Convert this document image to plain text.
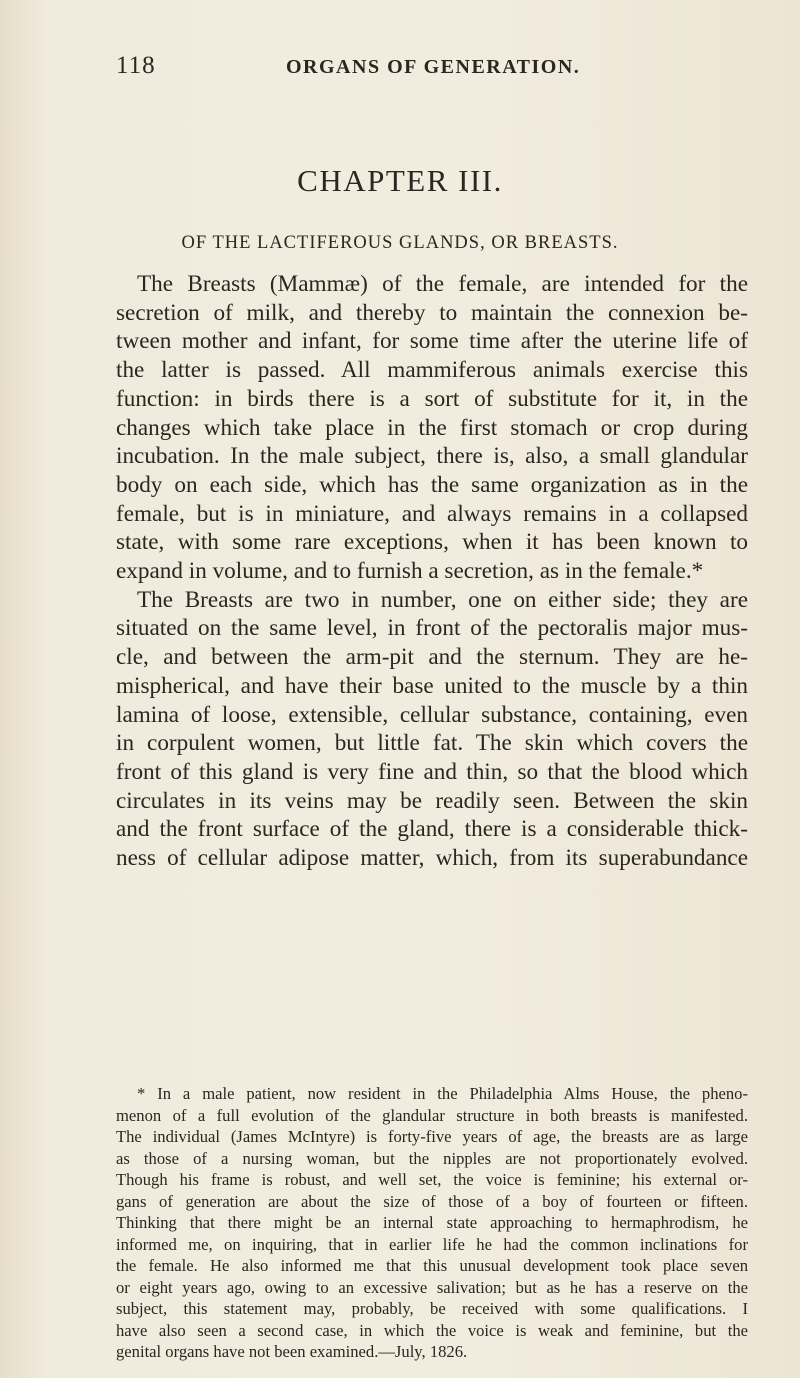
118	ORGANS OF GENERATION.
CHAPTER III.
OF THE LACTIFEROUS GLANDS, OR BREASTS.
The Breasts (Mammæ) of the female, are intended for the
secretion of milk, and thereby to maintain the connexion be-
tween mother and infant, for some time after the uterine life of
the latter is passed. All mammiferous animals exercise this
function: in birds there is a sort of substitute for it, in the
changes which take place in the first stomach or crop during
incubation. In the male subject, there is, also, a small glandular
body on each side, which has the same organization as in the
female, but is in miniature, and always remains in a collapsed
state, with some rare exceptions, when it has been known to
expand in volume, and to furnish a secretion, as in the female.*
The Breasts are two in number, one on either side; they are
situated on the same level, in front of the pectoralis major mus-
cle, and between the arm-pit and the sternum. They are he-
mispherical, and have their base united to the muscle by a thin
lamina of loose, extensible, cellular substance, containing, even
in corpulent women, but little fat. The skin which covers the
front of this gland is very fine and thin, so that the blood which
circulates in its veins may be readily seen. Between the skin
and the front surface of the gland, there is a considerable thick-
ness of cellular adipose matter, which, from its superabundance
* In a male patient, now resident in the Philadelphia Alms House, the pheno-
menon of a full evolution of the glandular structure in both breasts is manifested.
The individual (James McIntyre) is forty-five years of age, the breasts are as large
as those of a nursing woman, but the nipples are not proportionately evolved.
Though his frame is robust, and well set, the voice is feminine; his external or-
gans of generation are about the size of those of a boy of fourteen or fifteen.
Thinking that there might be an internal state approaching to hermaphrodism, he
informed me, on inquiring, that in earlier life he had the common inclinations for
the female. He also informed me that this unusual development took place seven
or eight years ago, owing to an excessive salivation; but as he has a reserve on the
subject, this statement may, probably, be received with some qualifications. I
have also seen a second case, in which the voice is weak and feminine, but the
genital organs have not been examined.—July, 1826.
